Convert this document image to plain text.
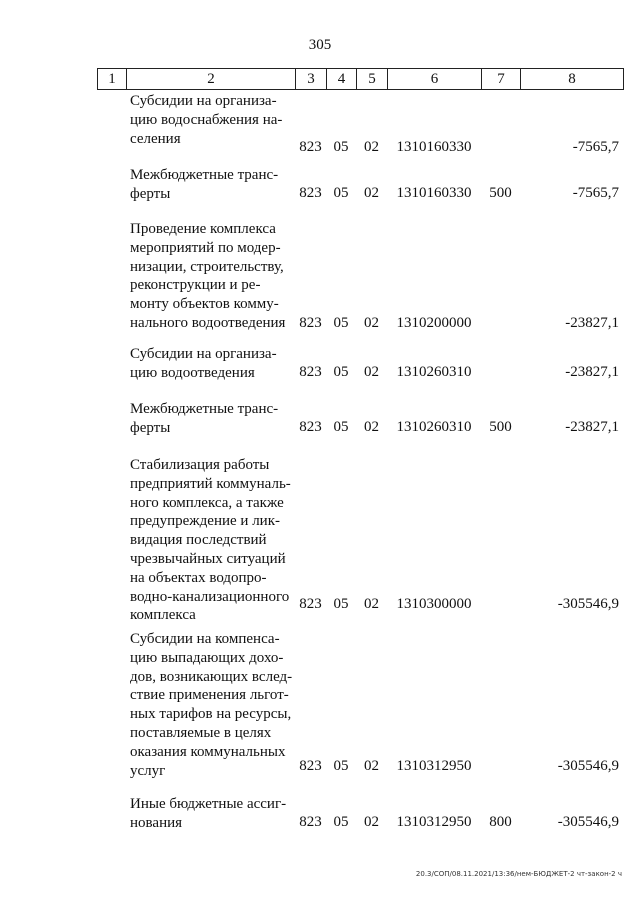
305
1	2	3	4	5	6	7	8
Субсидии на организа-
цию водоснабжения на-
селения
823 05	02	1310160330	-7565,7
Межбюджетные транс-
ферты	823 05	02	1310160330	500	-7565,7
Проведение комплекса
мероприятий по модер-
низации, строительству,
реконструкции и ре-
монту объектов комму-
нального водоотведения 823 05	02	1310200000	-23827,1
Субсидии на организа-
цию водоотведения	823 05	02	1310260310	-23827,1
Межбюджетные транс-
ферты	823 05	02	1310260310	500	-23827,1
Стабилизация работы
предприятий коммуналь-
ного комплекса, а также
предупреждение и лик-
видация последствий
чрезвычайных ситуаций
на объектах водопро-
водно-канализационного
комплекса
823 05	02	1310300000	-305546,9
Субсидии на компенса-
цию выпадающих дохо-
дов, возникающих вслед-
ствие применения льгот-
ных тарифов на ресурсы,
поставляемые в целях
оказания коммунальных
услуг	823 05	02	1310312950	-305546,9
Иные бюджетные ассиг-
нования	823 05	02	1310312950	800	-305546,9
20.3/СОП/08.11.2021/13:36/нем-БЮДЖЕТ-2 чт-закон-2 ч
